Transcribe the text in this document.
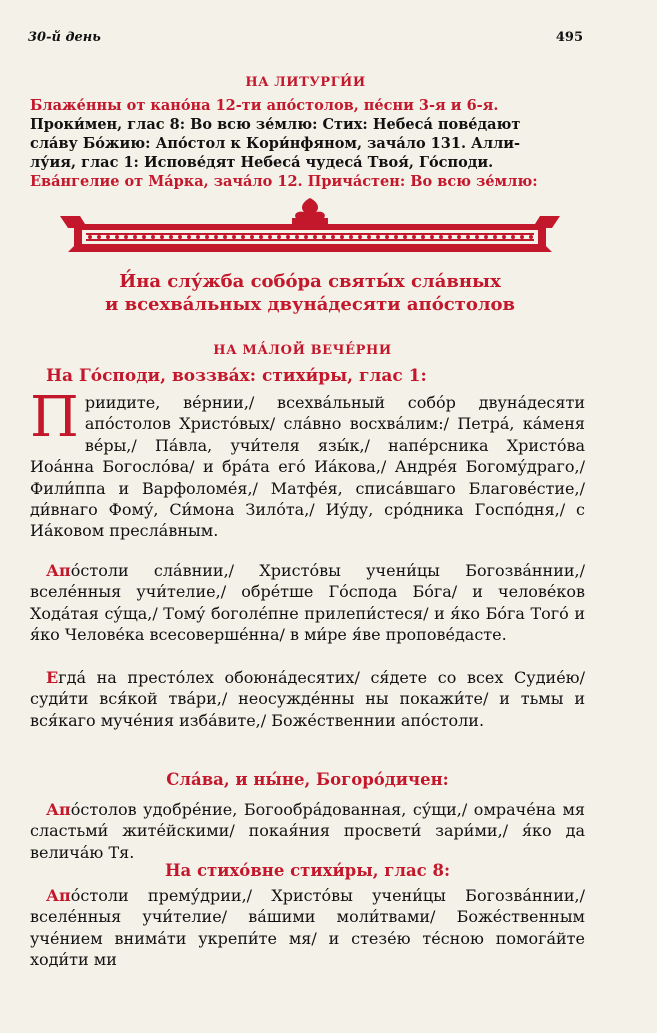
30-й день	495
НА ЛИТУРГИ́И
Блаже́нны от кано́на 12-ти апо́столов, пе́сни 3-я и 6-я.
Проки́мен, глас 8: Во всю зе́млю: Стих: Небеса́ пове́дают
сла́ву Бо́жию: Апо́стол к Кори́нфяном, зача́ло 131. Алли-
лу́ия, глас 1: Испове́дят Небеса́ чудеса́ Твоя́, Го́споди.
Ева́нгелие от Ма́рка, зача́ло 12. Прича́стен: Во всю зе́млю:
И́на слу́жба собо́ра святы́х сла́вных
и всехва́льных двуна́десяти апо́столов
НА МА́ЛОЙ ВЕЧЕ́РНИ
На Го́споди, воззва́х: стихи́ры, глас 1:
П риидите, ве́рнии,/ всехва́льный собо́р двуна́десяти апо́столов Христо́вых/ сла́вно восхва́лим:/ Петра́, ка́меня ве́ры,/ Па́вла, учи́теля язы́к,/ напе́рсника Христо́ва Иоа́нна Богосло́ва/ и бра́та его́ Иа́кова,/ Андре́я Богому́драго,/ Фили́ппа и Варфоломе́я,/ Матфе́я, списа́вшаго Благове́стие,/ ди́внаго Фому́, Си́мона Зило́та,/ Иу́ду, сро́дника Госпо́дня,/ с Иа́ковом пресла́вным.
Апо́столи сла́внии,/ Христо́вы учени́цы Богозва́ннии,/ вселе́нныя учи́телие,/ обре́тше Го́спода Бо́га/ и челове́ков Хода́тая су́ща,/ Тому́ боголе́пне прилепи́стеся/ и я́ко Бо́га Того́ и я́ко Челове́ка всесоверше́нна/ в ми́ре я́ве пропове́дасте.
Егда́ на престо́лех обоюна́десятих/ ся́дете со всех Судие́ю/ суди́ти вся́кой тва́ри,/ неосужде́нны ны покажи́те/ и тьмы и вся́каго муче́ния изба́вите,/ Боже́ственнии апо́столи.
Сла́ва, и ны́не, Богоро́дичен:
Апо́столов удобре́ние, Богообра́дованная, су́щи,/ омраче́на мя сластьми́ жите́йскими/ покая́ния просвети́ зари́ми,/ я́ко да велича́ю Тя.
На стихо́вне стихи́ры, глас 8:
Апо́столи прему́дрии,/ Христо́вы учени́цы Богозва́ннии,/ вселе́нныя учи́телие/ ва́шими моли́твами/ Боже́ственным уче́нием внима́ти укрепи́те мя/ и стезе́ю те́сною помога́йте ходи́ти ми
